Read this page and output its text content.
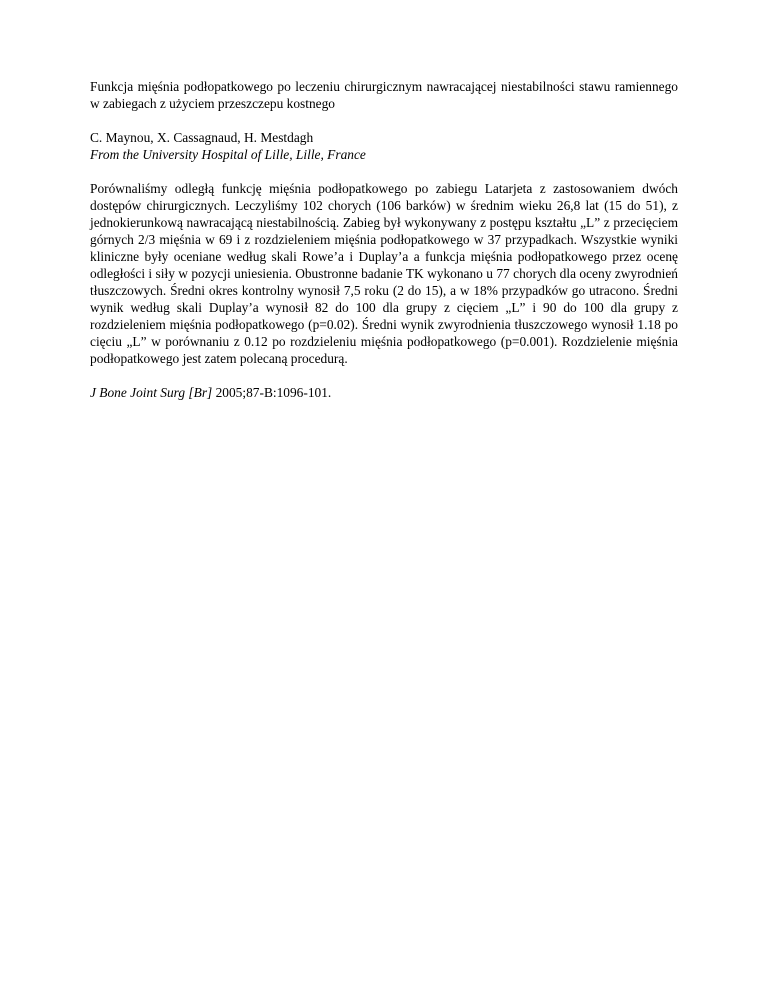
Funkcja mięśnia podłopatkowego po leczeniu chirurgicznym nawracającej niestabilności stawu ramiennego w zabiegach z użyciem przeszczepu kostnego

C. Maynou, X. Cassagnaud, H. Mestdagh
From the University Hospital of Lille, Lille, France
Porównaliśmy odległą funkcję mięśnia podłopatkowego po zabiegu Latarjeta z zastosowaniem dwóch dostępów chirurgicznych. Leczyliśmy 102 chorych (106 barków) w średnim wieku 26,8 lat (15 do 51), z jednokierunkową nawracającą niestabilnością. Zabieg był wykonywany z postępu kształtu „L” z przecięciem górnych 2/3 mięśnia w 69 i z rozdzieleniem mięśnia podłopatkowego w 37 przypadkach. Wszystkie wyniki kliniczne były oceniane według skali Rowe’a i Duplay’a a funkcja mięśnia podłopatkowego przez ocenę odległości i siły w pozycji uniesienia. Obustronne badanie TK wykonano u 77 chorych dla oceny zwyrodnień tłuszczowych. Średni okres kontrolny wynosił 7,5 roku (2 do 15), a w 18% przypadków go utracono. Średni wynik według skali Duplay’a wynosił 82 do 100 dla grupy z cięciem „L” i 90 do 100 dla grupy z rozdzieleniem mięśnia podłopatkowego (p=0.02). Średni wynik zwyrodnienia tłuszczowego wynosił 1.18 po cięciu „L” w porównaniu z 0.12 po rozdzieleniu mięśnia podłopatkowego (p=0.001). Rozdzielenie mięśnia podłopatkowego jest zatem polecaną procedurą.
J Bone Joint Surg [Br] 2005;87-B:1096-101.
